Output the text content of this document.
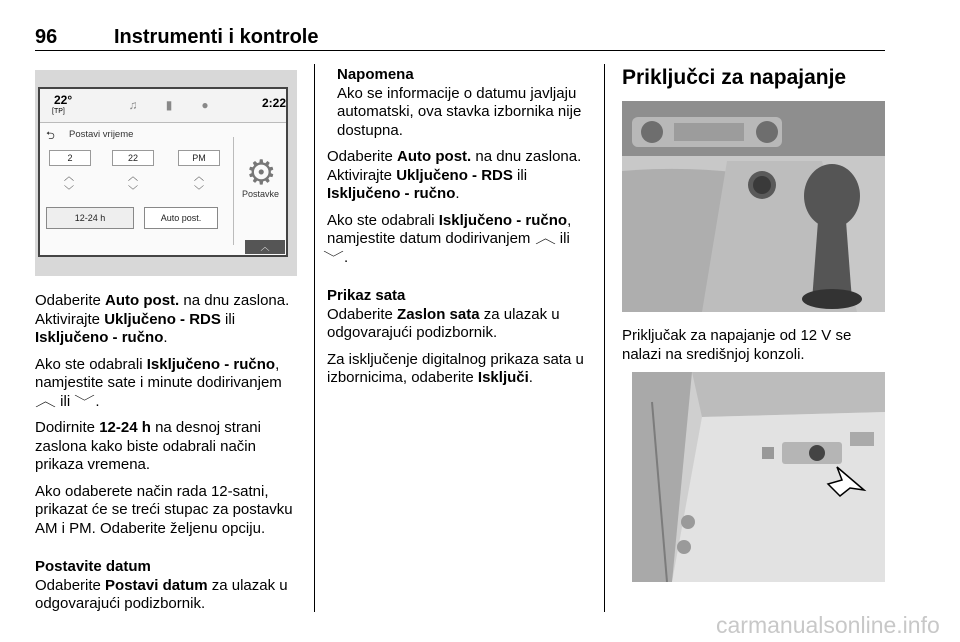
96	Instrumenti i kontrole
22°
[TP]	♫	▮	●	2:22
⮌ Postavi vrijeme
2	22	PM
︿
﹀
︿
﹀
︿
﹀
12-24 h	Auto post.
⚙
Postavke
︿

Odaberite Auto post. na dnu zaslona. Aktivirajte Uključeno - RDS ili Isključeno - ručno.

Ako ste odabrali Isključeno - ručno, namjestite sate i minute dodirivanjem ︿ ili ﹀.

Dodirnite 12-24 h na desnoj strani zaslona kako biste odabrali način prikaza vremena.

Ako odaberete način rada 12-satni, prikazat će se treći stupac za postavku AM i PM. Odaberite željenu opciju.

Postavite datum

Odaberite Postavi datum za ulazak u odgovarajući podizbornik.

Napomena

Ako se informacije o datumu javljaju automatski, ova stavka izbornika nije dostupna.

Odaberite Auto post. na dnu zaslona. Aktivirajte Uključeno - RDS ili Isključeno - ručno.

Ako ste odabrali Isključeno - ručno, namjestite datum dodirivanjem ︿ ili
﹀.

Prikaz sata

Odaberite Zaslon sata za ulazak u odgovarajući podizbornik.

Za isključenje digitalnog prikaza sata u izbornicima, odaberite Isključi.

Priključci za napajanje

Priključak za napajanje od 12 V se nalazi na središnjoj konzoli.

carmanualsonline.info
